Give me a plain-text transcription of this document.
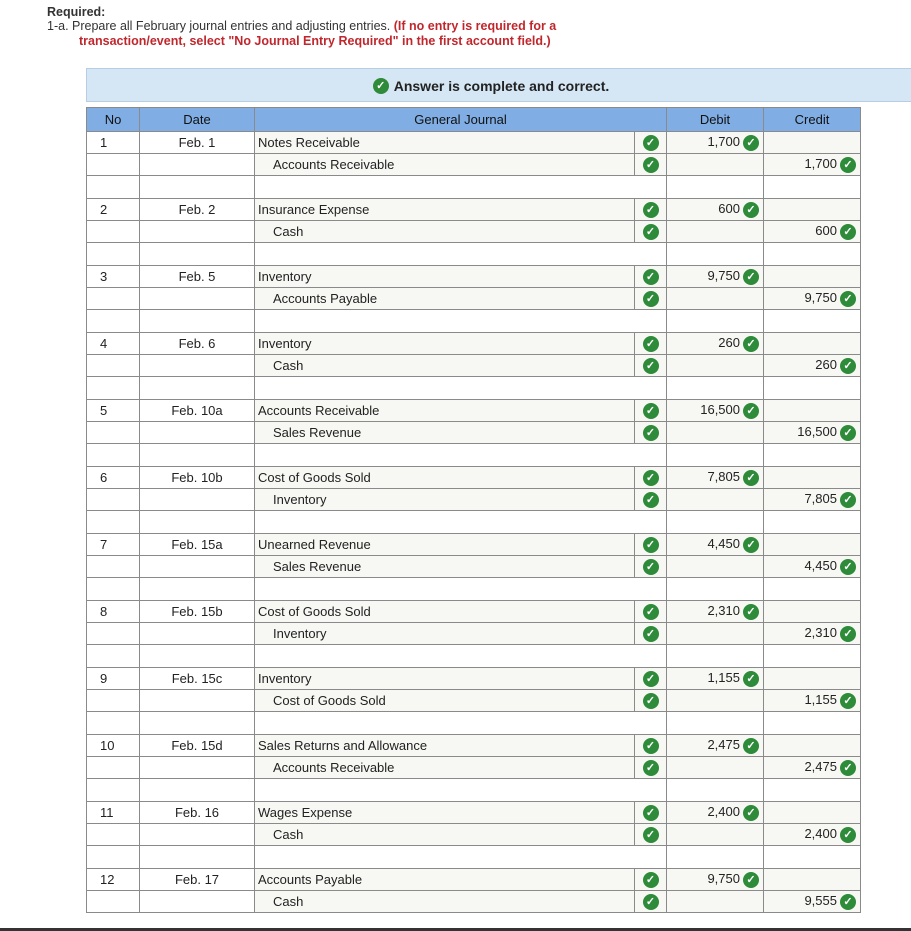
Required:
1-a. Prepare all February journal entries and adjusting entries. (If no entry is required for a
transaction/event, select "No Journal Entry Required" in the first account field.)
✓ Answer is complete and correct.
No	Date	General Journal		Debit	Credit
1	Feb. 1	Notes Receivable	✓	1,700 ✓	
		Accounts Receivable	✓		1,700 ✓

2	Feb. 2	Insurance Expense	✓	600 ✓	
		Cash	✓		600 ✓

3	Feb. 5	Inventory	✓	9,750 ✓	
		Accounts Payable	✓		9,750 ✓

4	Feb. 6	Inventory	✓	260 ✓	
		Cash	✓		260 ✓

5	Feb. 10a	Accounts Receivable	✓	16,500 ✓	
		Sales Revenue	✓		16,500 ✓

6	Feb. 10b	Cost of Goods Sold	✓	7,805 ✓	
		Inventory	✓		7,805 ✓

7	Feb. 15a	Unearned Revenue	✓	4,450 ✓	
		Sales Revenue	✓		4,450 ✓

8	Feb. 15b	Cost of Goods Sold	✓	2,310 ✓	
		Inventory	✓		2,310 ✓

9	Feb. 15c	Inventory	✓	1,155 ✓	
		Cost of Goods Sold	✓		1,155 ✓

10	Feb. 15d	Sales Returns and Allowance	✓	2,475 ✓	
		Accounts Receivable	✓		2,475 ✓

11	Feb. 16	Wages Expense	✓	2,400 ✓	
		Cash	✓		2,400 ✓

12	Feb. 17	Accounts Payable	✓	9,750 ✓	
		Cash	✓		9,555 ✓
